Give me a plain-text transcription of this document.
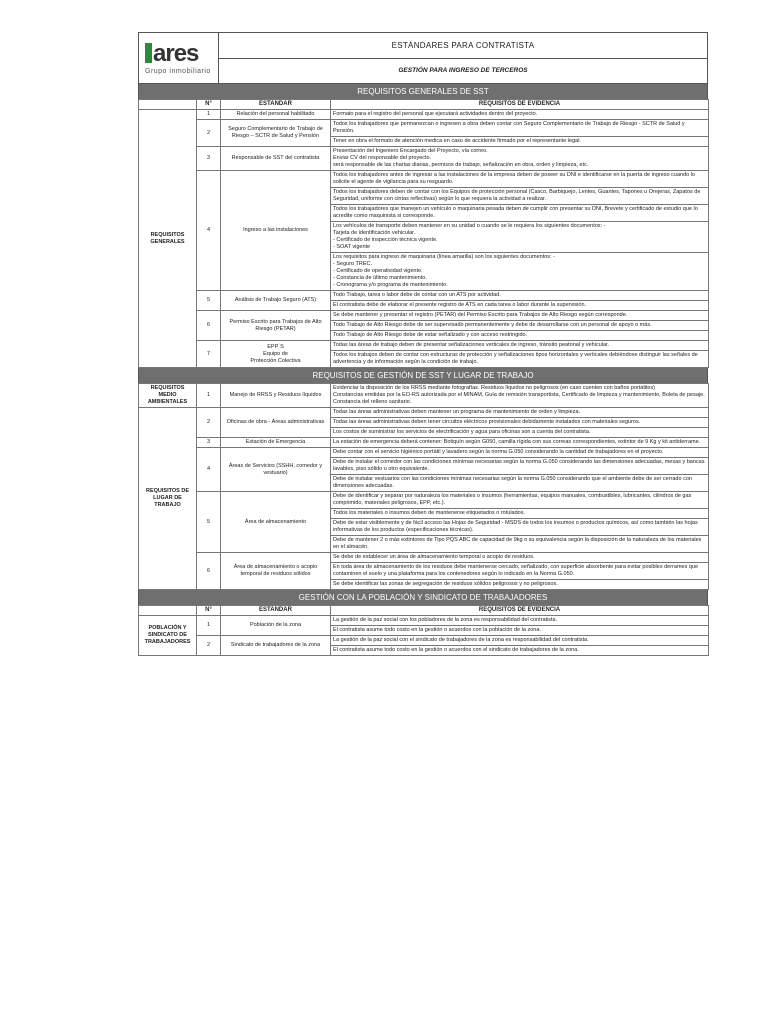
ares
Grupo inmobiliario
ESTÁNDARES PARA CONTRATISTA
GESTIÓN PARA INGRESO DE TERCEROS
REQUISITOS GENERALES DE SST
	N°	ESTANDAR	REQUISITOS DE EVIDENCIA
REQUISITOS GENERALES	1	Relación del personal habilitado	Formato para el registro del personal que ejecutará actividades dentro del proyecto.
	2	Seguro Complementario de Trabajo de Riesgo – SCTR de Salud y Pensión	Todos los trabajadores que permanezcan o ingresen a obra deben contar con Seguro Complementario de Trabajo de Riesgo - SCTR de Salud y Pensión.
			Tener en obra el formato de atención medica en caso de accidente firmado por el representante legal.
	3	Responsable de SST del contratista	Presentación del Ingeniero Encargado del Proyecto, vía correo.
Enviar CV del responsable del proyecto.
será responsable de las charlas diarias, permisos de trabajo, señalización en obra, orden y limpieza, etc.
	4	Ingreso a las instalaciones	Todos los trabajadores antes de ingresar a las instalaciones de la empresa deben de poseer su DNI e identificarse en la puerta de ingreso cuando lo solicite el agente de vigilancia para su resguardo.
			Todos los trabajadores deben de contar con los Equipos de protección personal (Casco, Barbiquejo, Lentes, Guantes, Tapones u Orejeras, Zapatos de Seguridad, uniforme con cintas reflectivas) según lo que requiera la actividad a realizar.
			Todos los trabajadores que manejen un vehículo o maquinaria pesada deben de cumplir con presentar su DNI, Brevete y certificado de estudio que lo acredite como maquinista si corresponde.
			Los vehículos de transporte deben mantener en su unidad o cuando se le requiera los siguientes documentos: -
Tarjeta de identificación vehicular.
- Certificado de inspección técnica vigente.
- SOAT vigente
			Los requisitos para ingreso de maquinaria (línea amarilla) son los siguientes documentos: -
- Seguro TREC.
- Certificado de operatividad vigente.
- Constancia de último mantenimiento.
- Cronograma y/o programa de mantenimiento.
	5	Análisis de Trabajo Seguro (ATS)	Todo Trabajo, tarea o labor debe de contar con un ATS por actividad.
			El contratista debe de elaborar el presente registro de ATS en cada tarea o labor durante la supervisión.
	6	Permiso Escrito para Trabajos de Alto Riesgo (PETAR)	Se debe mantener y presentar el registro (PETAR) del Permiso Escrito para Trabajos de Alto Riesgo según corresponde.
			Todo Trabajo de Alto Riesgo debe de ser supervisado permanentemente y debe de desarrollarse con un personal de apoyo o más.
			Todo Trabajo de Alto Riesgo debe de estar señalizado y con acceso restringido.
	7	EPP´S
Equipo de
Protección Colectiva	Todas las áreas de trabajo deben de presentar señalizaciones verticales de ingreso, tránsito peatonal y vehicular.
			Todos los trabajos deben de contar con estructuras de protección y señalizaciones tipos horizontales y verticales debiéndose distinguir las señales de advertencia y de información según la condición de trabajo.
REQUISITOS DE GESTIÓN DE SST Y LUGAR DE TRABAJO
REQUISITOS MEDIO AMBIENTALES	1	Manejo de RRSS y Residuos líquidos	Evidenciar la disposición de los RRSS mediante fotografías. Residuos líquidos no peligrosos (en caso cuenten con baños portátiles)
Constancias emitidas por la EO-RS autorizada por el MINAM, Guía de remisión transportista, Certificado de limpieza y mantenimiento, Boleta de pesaje. Constancia del relleno sanitario.
REQUISITOS DE LUGAR DE TRABAJO	2	Oficinas de obra - Áreas administrativas	Todas las áreas administrativas deben mantener un programa de mantenimiento de orden y limpieza.
			Todas las áreas administrativas deben tener circuitos eléctricos provisionales debidamente instalados con materiales seguros.
			Los costos de suministrar los servicios de electrificación y agua para oficinas son a cuenta del contratista.
	3	Estación de Emergencia	La estación de emergencia deberá contener: Botiquín según G050, camilla rígida con sus correas correspondientes, extintor de 9 Kg y kit antiderrame.
	4	Áreas de Servicios (SSHH, comedor y vestuario)	Debe contar con el servicio higiénico portátil y lavadero según la norma G.050 considerando la cantidad de trabajadores en el proyecto.
			Debe de instalar el comedor con las condiciones mínimas necesarias según la norma G.050 considerando las dimensiones adecuadas, mesas y bancas lavables, piso sólido u otro equivalente.
			Debe de instalar vestuarios con las condiciones mínimas necesarias según la norma G.050 considerando que el ambiente debe de ser cerrado con dimensiones adecuadas.
	5	Área de almacenamiento	Debe de identificar y separar por naturaleza los materiales o insumos (herramientas, equipos manuales, combustibles, lubricantes, cilindros de gas comprimido, materiales peligrosos, EPP, etc.).
			Todos los materiales o insumos deben de mantenerse etiquetados o rotulados.
			Debe de estar visiblemente y de fácil acceso las Hojas de Seguridad - MSDS de todos los insumos o productos químicos, así como también las hojas informativas de los productos (especificaciones técnicas).
			Debe de mantener 2 o más extintores de Tipo PQS ABC de capacidad de 9kg o su equivalencia según la disposición de la naturaleza de los materiales en el almacén.
	6	Área de almacenamiento o acopio temporal de residuos sólidos	Se debe de establecer un área de almacenamiento temporal o acopio de residuos.
			En toda área de almacenamiento de los residuos debe mantenerse cercado, señalizado, con superficie absorbente para evitar posibles derrames que contaminen el suelo y una plataforma para los contenedores según lo indicado en la Norma G.050.
			Se debe identificar las zonas de segregación de residuos sólidos peligrosos y no peligrosos.
GESTIÓN CON LA POBLACIÓN Y SINDICATO DE TRABAJADORES
	N°	ESTANDAR	REQUISITOS DE EVIDENCIA
POBLACIÓN Y SINDICATO DE TRABAJADORES	1	Población de la zona	La gestión de la paz social con los pobladores de la zona es responsabilidad del contratista.
			El contratista asume todo costo en la gestión o acuerdos con la población de la zona.
	2	Sindicato de trabajadores de la zona	La gestión de la paz social con el sindicato de trabajadores de la zona es responsabilidad del contratista.
			El contratista asume todo costo en la gestión o acuerdos con el sindicato de trabajadores de la zona.
